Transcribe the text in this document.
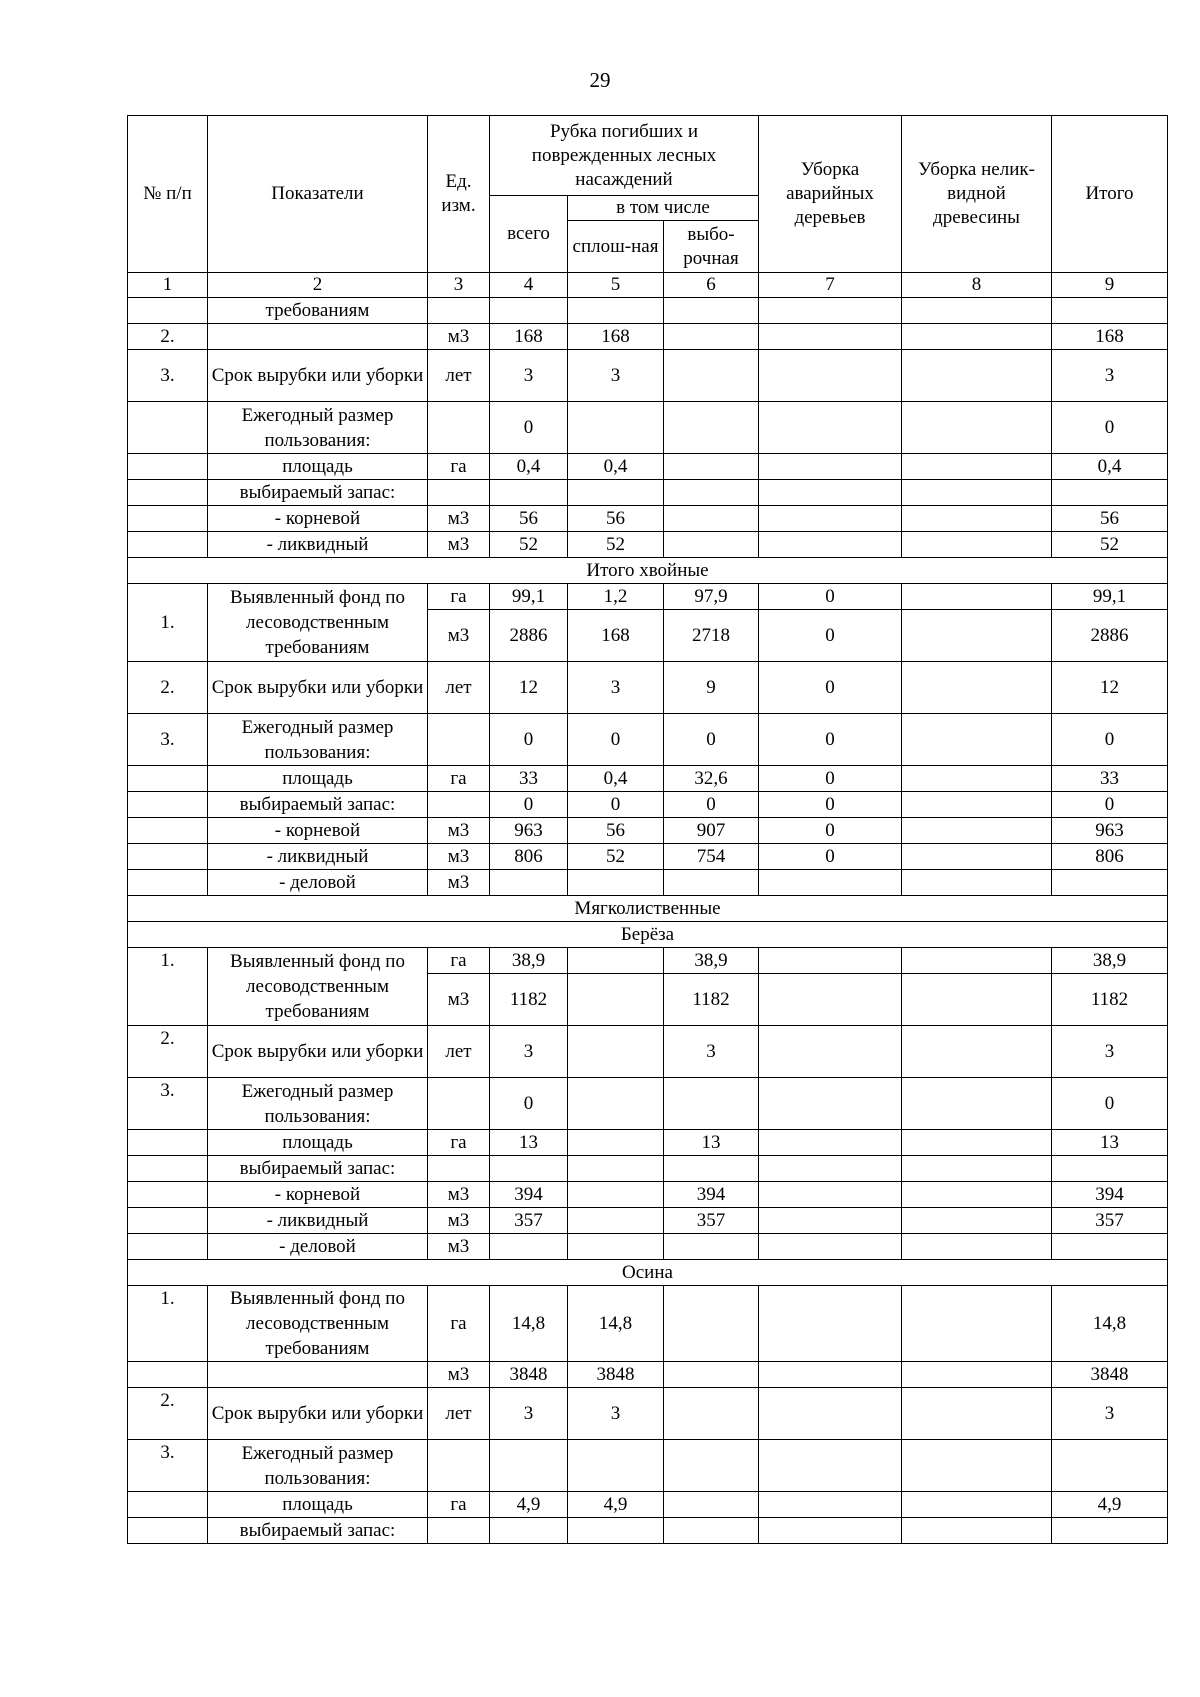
29
№ п/п	Показатели	Ед. изм.	Рубка погибших и поврежденных лесных насаждений			Уборка аварийных деревьев	Уборка нелик-видной древесины	Итого
			всего	в том числе				
				сплош-ная	выбо-рочная			
1	2	3	4	5	6	7	8	9
	требованиям							
2.		м3	168	168				168
3.	Срок вырубки или уборки	лет	3	3				3
	Ежегодный размер пользования:		0					0
	площадь	га	0,4	0,4				0,4
	выбираемый запас:							
	- корневой	м3	56	56				56
	- ликвидный	м3	52	52				52
Итого хвойные								
1.	Выявленный фонд по лесоводственным требованиям	га	99,1	1,2	97,9	0		99,1
		м3	2886	168	2718	0		2886
2.	Срок вырубки или уборки	лет	12	3	9	0		12
3.	Ежегодный размер пользования:		0	0	0	0		0
	площадь	га	33	0,4	32,6	0		33
	выбираемый запас:		0	0	0	0		0
	- корневой	м3	963	56	907	0		963
	- ликвидный	м3	806	52	754	0		806
	- деловой	м3						
Мягколиственные								
Берёза								
1.	Выявленный фонд по лесоводственным требованиям	га	38,9		38,9			38,9
		м3	1182		1182			1182
2.	Срок вырубки или уборки	лет	3		3			3
3.	Ежегодный размер пользования:		0					0
	площадь	га	13		13			13
	выбираемый запас:							
	- корневой	м3	394		394			394
	- ликвидный	м3	357		357			357
	- деловой	м3						
Осина								
1.	Выявленный фонд по лесоводственным требованиям	га	14,8	14,8				14,8
		м3	3848	3848				3848
2.	Срок вырубки или уборки	лет	3	3				3
3.	Ежегодный размер пользования:							
	площадь	га	4,9	4,9				4,9
	выбираемый запас:							
